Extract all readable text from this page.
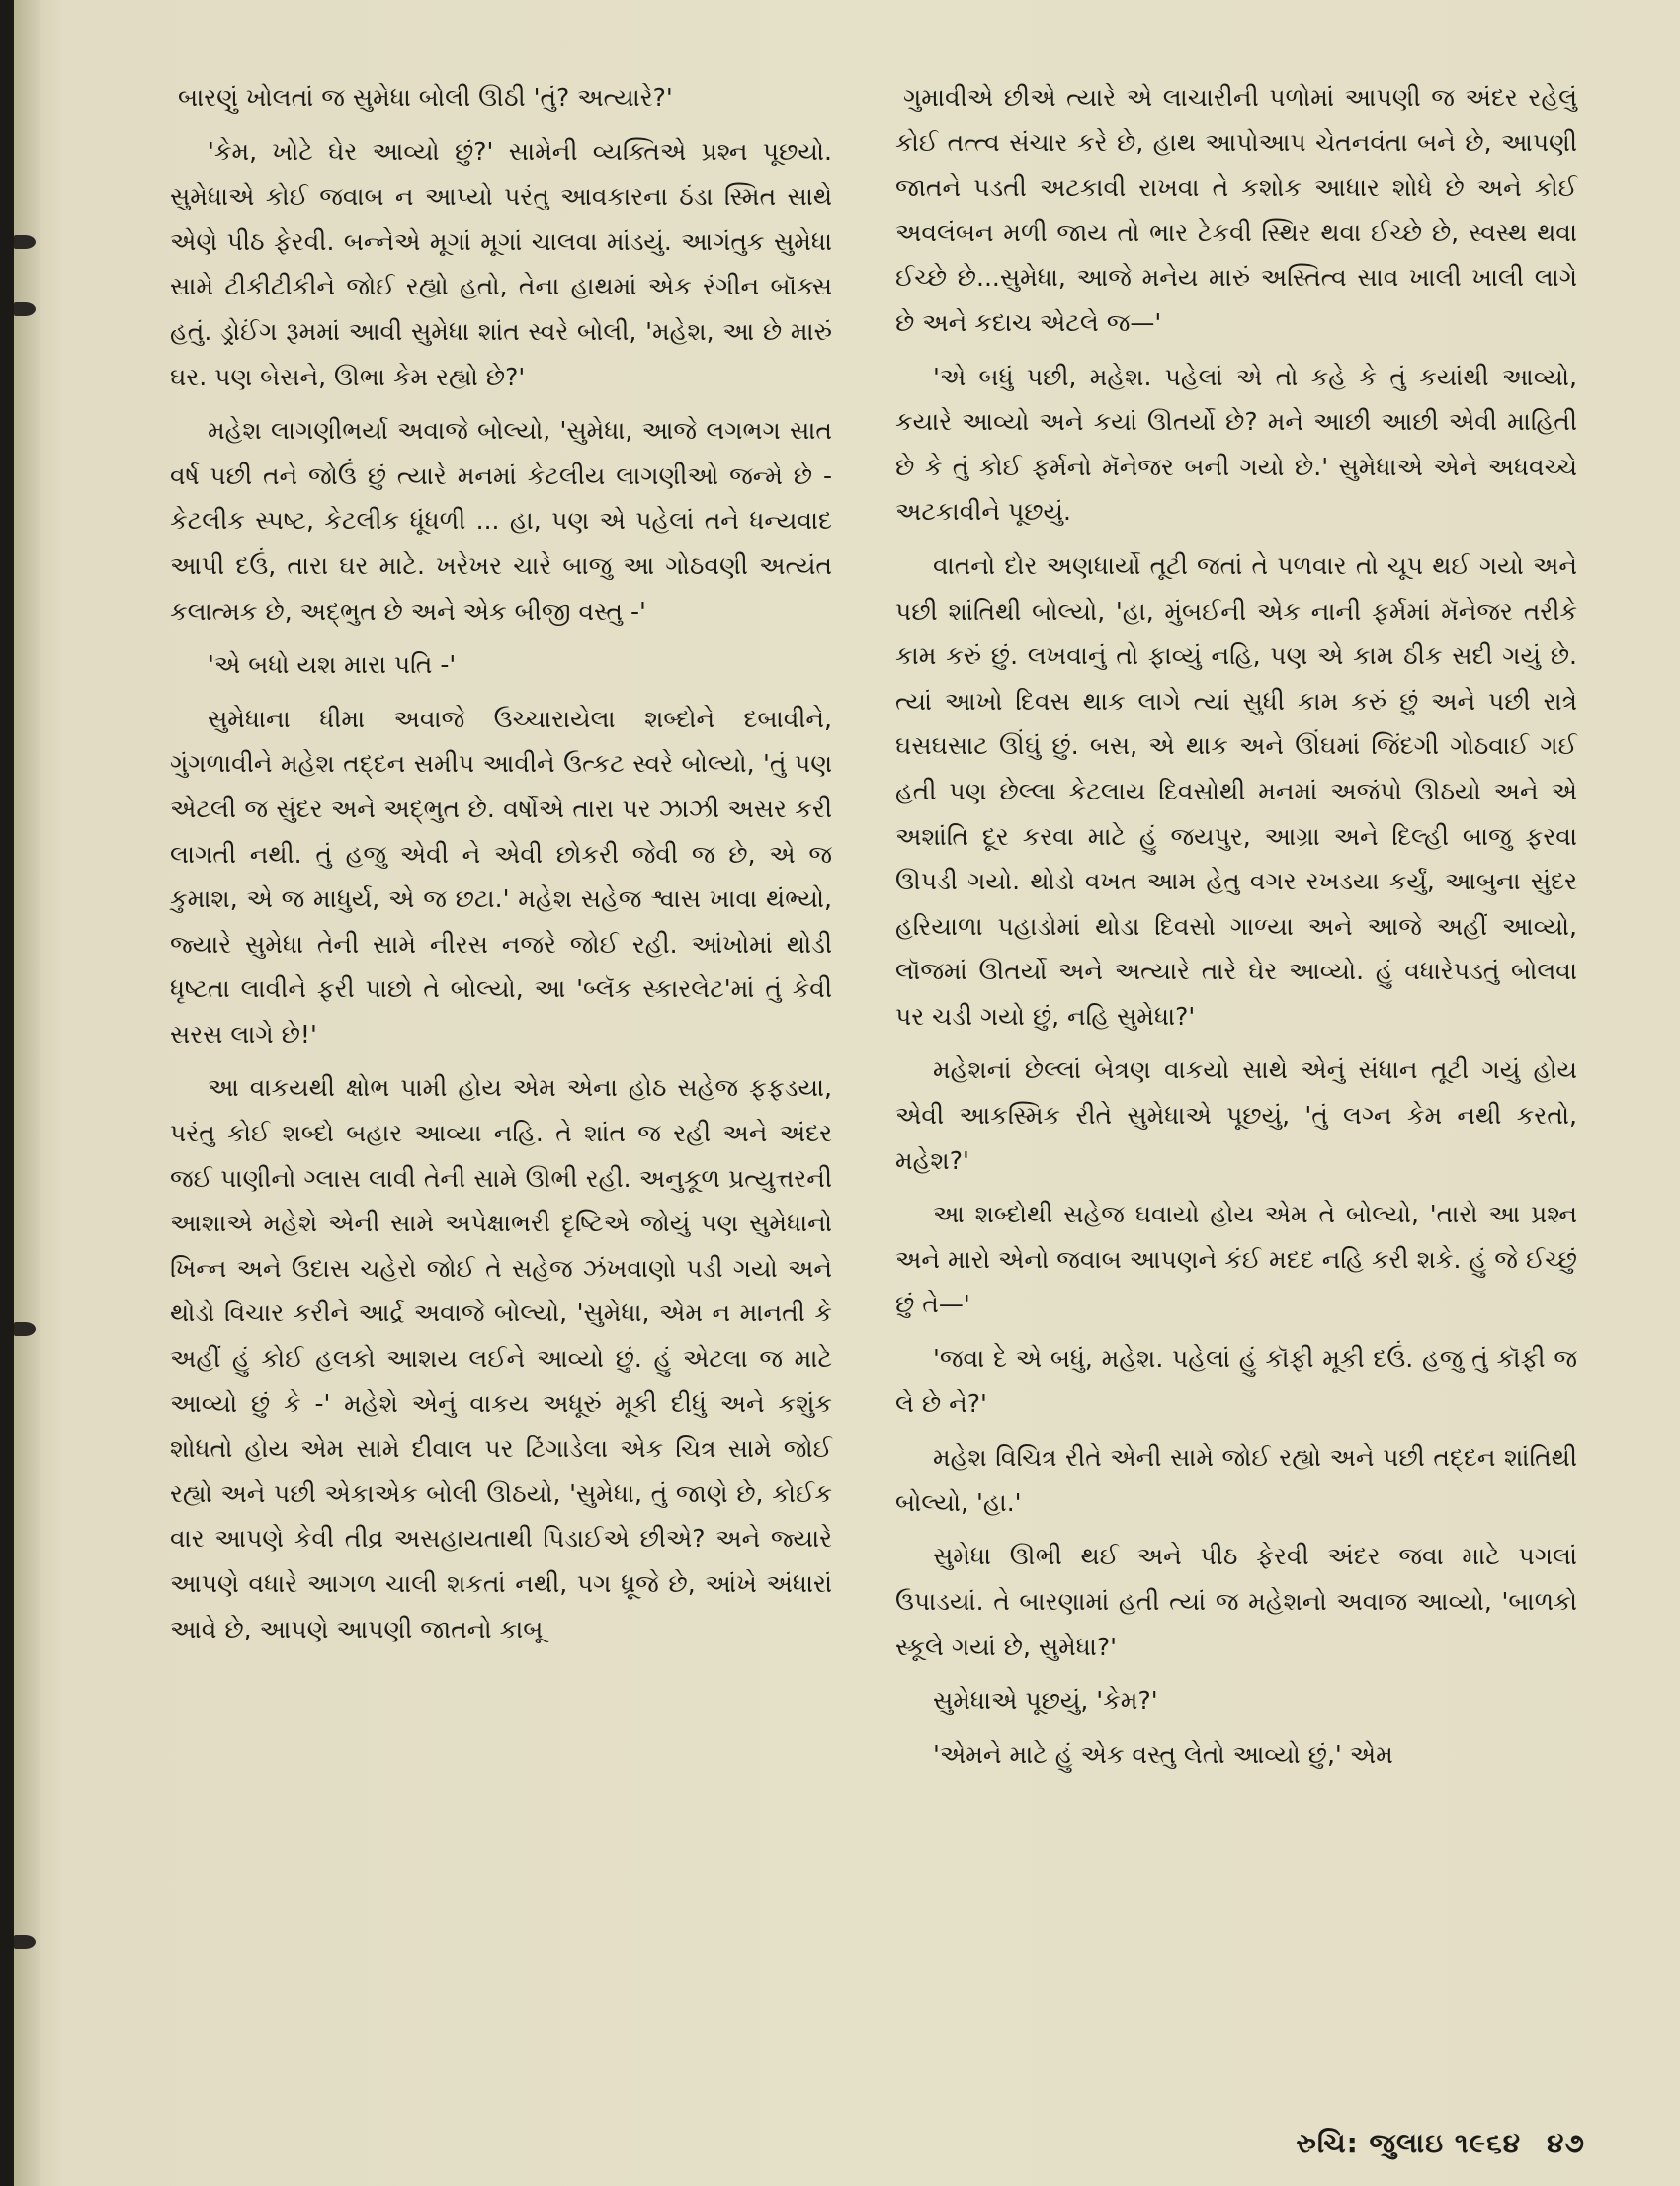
બારણું ખોલતાં જ સુમેધા બોલી ઊઠી 'તું? અત્યારે?'

'કેમ, ખોટે ઘેર આવ્યો છું?' સામેની વ્યક્તિએ પ્રશ્ન પૂછયો. સુમેધાએ કોઈ જવાબ ન આપ્યો પરંતુ આવકારના ઠંડા સ્મિત સાથે એણે પીઠ ફેરવી. બન્નેએ મૂગાં મૂગાં ચાલવા માંડયું. આગંતુક સુમેધા સામે ટીકીટીકીને જોઈ રહ્યો હતો, તેના હાથમાં એક રંગીન બૉક્સ હતું. ડ્રોઈંગ રૂમમાં આવી સુમેધા શાંત સ્વરે બોલી, 'મહેશ, આ છે મારું ઘર. પણ બેસને, ઊભા કેમ રહ્યો છે?'

મહેશ લાગણીભર્યા અવાજે બોલ્યો, 'સુમેધા, આજે લગભગ સાત વર્ષ પછી તને જોઉં છું ત્યારે મનમાં કેટલીય લાગણીઓ જન્મે છે - કેટલીક સ્પષ્ટ, કેટલીક ધૂંધળી ... હા, પણ એ પહેલાં તને ધન્યવાદ આપી દઉં, તારા ઘર માટે. ખરેખર ચારે બાજુ આ ગોઠવણી અત્યંત કલાત્મક છે, અદ્ભુત છે અને એક બીજી વસ્તુ -'

'એ બધો યશ મારા પતિ -'

સુમેધાના ધીમા અવાજે ઉચ્ચારાયેલા શબ્દોને દબાવીને, ગુંગળાવીને મહેશ તદ્દન સમીપ આવીને ઉત્કટ સ્વરે બોલ્યો, 'તું પણ એટલી જ સુંદર અને અદ્ભુત છે. વર્ષોએ તારા પર ઝાઝી અસર કરી લાગતી નથી. તું હજુ એવી ને એવી છોકરી જેવી જ છે, એ જ કુમાશ, એ જ માધુર્ય, એ જ છટા.' મહેશ સહેજ શ્વાસ ખાવા થંભ્યો, જ્યારે સુમેધા તેની સામે નીરસ નજરે જોઈ રહી. આંખોમાં થોડી ધૃષ્ટતા લાવીને ફરી પાછો તે બોલ્યો, આ 'બ્લૅક સ્કારલેટ'માં તું કેવી સરસ લાગે છે!'

આ વાકયથી ક્ષોભ પામી હોય એમ એના હોઠ સહેજ ફફડયા, પરંતુ કોઈ શબ્દો બહાર આવ્યા નહિ. તે શાંત જ રહી અને અંદર જઈ પાણીનો ગ્લાસ લાવી તેની સામે ઊભી રહી. અનુકૂળ પ્રત્યુત્તરની આશાએ મહેશે એની સામે અપેક્ષાભરી દૃષ્ટિએ જોયું પણ સુમેધાનો ખિન્ન અને ઉદાસ ચહેરો જોઈ તે સહેજ ઝંખવાણો પડી ગયો અને થોડો વિચાર કરીને આર્દ્ર અવાજે બોલ્યો, 'સુમેધા, એમ ન માનતી કે અહીં હું કોઈ હલકો આશય લઈને આવ્યો છું. હું એટલા જ માટે આવ્યો છું કે -' મહેશે એનું વાકય અધૂરું મૂકી દીધું અને કશુંક શોધતો હોય એમ સામે દીવાલ પર ટિંગાડેલા એક ચિત્ર સામે જોઈ રહ્યો અને પછી એકાએક બોલી ઊઠયો, 'સુમેધા, તું જાણે છે, કોઈક વાર આપણે કેવી તીવ્ર અસહાયતાથી પિડાઈએ છીએ? અને જ્યારે આપણે વધારે આગળ ચાલી શકતાં નથી, પગ ધ્રૂજે છે, આંખે અંધારાં આવે છે, આપણે આપણી જાતનો કાબૂ

ગુમાવીએ છીએ ત્યારે એ લાચારીની પળોમાં આપણી જ અંદર રહેલું કોઈ તત્ત્વ સંચાર કરે છે, હાથ આપોઆપ ચેતનવંતા બને છે, આપણી જાતને પડતી અટકાવી રાખવા તે કશોક આધાર શોધે છે અને કોઈ અવલંબન મળી જાય તો ભાર ટેકવી સ્થિર થવા ઈચ્છે છે, સ્વસ્થ થવા ઈચ્છે છે...સુમેધા, આજે મનેય મારું અસ્તિત્વ સાવ ખાલી ખાલી લાગે છે અને કદાચ એટલે જ—'

'એ બધું પછી, મહેશ. પહેલાં એ તો કહે કે તું કયાંથી આવ્યો, કયારે આવ્યો અને કયાં ઊતર્યો છે? મને આછી આછી એવી માહિતી છે કે તું કોઈ ફર્મનો મૅનેજર બની ગયો છે.' સુમેધાએ એને અધવચ્ચે અટકાવીને પૂછયું.

વાતનો દોર અણધાર્યો તૂટી જતાં તે પળવાર તો ચૂપ થઈ ગયો અને પછી શાંતિથી બોલ્યો, 'હા, મુંબઈની એક નાની ફર્મમાં મૅનેજર તરીકે કામ કરું છું. લખવાનું તો ફાવ્યું નહિ, પણ એ કામ ઠીક સદી ગયું છે. ત્યાં આખો દિવસ થાક લાગે ત્યાં સુધી કામ કરું છું અને પછી રાત્રે ઘસઘસાટ ઊંઘું છું. બસ, એ થાક અને ઊંઘમાં જિંદગી ગોઠવાઈ ગઈ હતી પણ છેલ્લા કેટલાય દિવસોથી મનમાં અજંપો ઊઠયો અને એ અશાંતિ દૂર કરવા માટે હું જયપુર, આગ્રા અને દિલ્હી બાજુ ફરવા ઊપડી ગયો. થોડો વખત આમ હેતુ વગર રખડયા કર્યું, આબુના સુંદર હરિયાળા પહાડોમાં થોડા દિવસો ગાળ્યા અને આજે અહીં આવ્યો, લૉજમાં ઊતર્યો અને અત્યારે તારે ઘેર આવ્યો. હું વધારેપડતું બોલવા પર ચડી ગયો છું, નહિ સુમેધા?'

મહેશનાં છેલ્લાં બેત્રણ વાકયો સાથે એનું સંધાન તૂટી ગયું હોય એવી આકસ્મિક રીતે સુમેધાએ પૂછયું, 'તું લગ્ન કેમ નથી કરતો, મહેશ?'

આ શબ્દોથી સહેજ ઘવાયો હોય એમ તે બોલ્યો, 'તારો આ પ્રશ્ન અને મારો એનો જવાબ આપણને કંઈ મદદ નહિ કરી શકે. હું જે ઈચ્છું છું તે—'

'જવા દે એ બધું, મહેશ. પહેલાં હું કૉફી મૂકી દઉં. હજુ તું કૉફી જ લે છે ને?'

મહેશ વિચિત્ર રીતે એની સામે જોઈ રહ્યો અને પછી તદ્દન શાંતિથી બોલ્યો, 'હા.'

સુમેધા ઊભી થઈ અને પીઠ ફેરવી અંદર જવા માટે પગલાં ઉપાડયાં. તે બારણામાં હતી ત્યાં જ મહેશનો અવાજ આવ્યો, 'બાળકો સ્કૂલે ગયાં છે, સુમેધા?'

સુમેધાએ પૂછયું, 'કેમ?'

'એમને માટે હું એક વસ્તુ લેતો આવ્યો છું,' એમ

રુચિ: જુલાઇ ૧૯૬૪ ૪૭
